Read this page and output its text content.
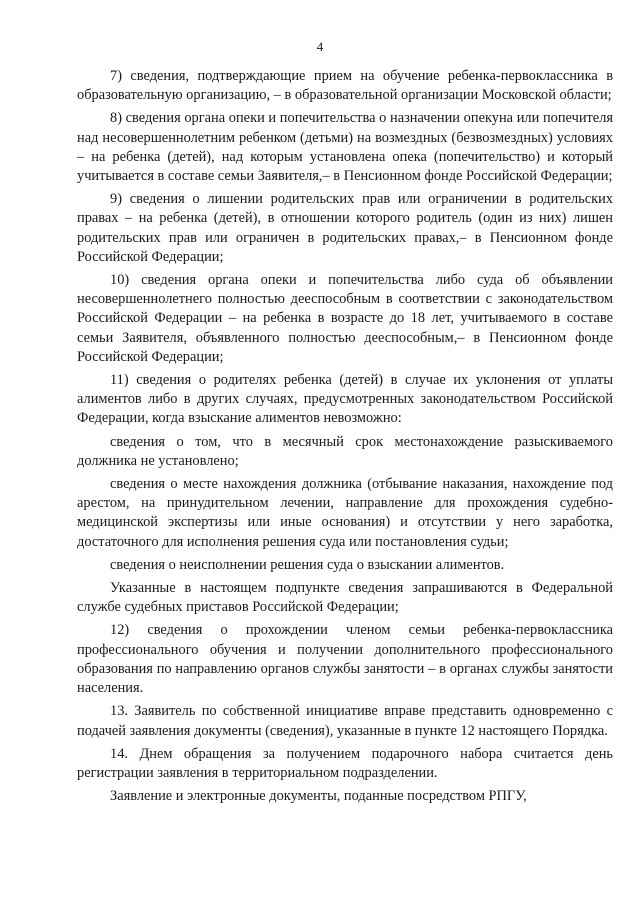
4

7) сведения, подтверждающие прием на обучение ребенка-первоклассника в образовательную организацию, – в образовательной организации Московской области;

8) сведения органа опеки и попечительства о назначении опекуна или попечителя над несовершеннолетним ребенком (детьми) на возмездных (безвозмездных) условиях – на ребенка (детей), над которым установлена опека (попечительство) и который учитывается в составе семьи Заявителя,– в Пенсионном фонде Российской Федерации;

9) сведения о лишении родительских прав или ограничении в родительских правах – на ребенка (детей), в отношении которого родитель (один из них) лишен родительских прав или ограничен в родительских правах,– в Пенсионном фонде Российской Федерации;

10) сведения органа опеки и попечительства либо суда об объявлении несовершеннолетнего полностью дееспособным в соответствии с законодательством Российской Федерации – на ребенка в возрасте до 18 лет, учитываемого в составе семьи Заявителя, объявленного полностью дееспособным,– в Пенсионном фонде Российской Федерации;

11) сведения о родителях ребенка (детей) в случае их уклонения от уплаты алиментов либо в других случаях, предусмотренных законодательством Российской Федерации, когда взыскание алиментов невозможно:

сведения о том, что в месячный срок местонахождение разыскиваемого должника не установлено;

сведения о месте нахождения должника (отбывание наказания, нахождение под арестом, на принудительном лечении, направление для прохождения судебно-медицинской экспертизы или иные основания) и отсутствии у него заработка, достаточного для исполнения решения суда или постановления судьи;

сведения о неисполнении решения суда о взыскании алиментов.

Указанные в настоящем подпункте сведения запрашиваются в Федеральной службе судебных приставов Российской Федерации;

12) сведения о прохождении членом семьи ребенка-первоклассника профессионального обучения и получении дополнительного профессионального образования по направлению органов службы занятости – в органах службы занятости населения.

13. Заявитель по собственной инициативе вправе представить одновременно с подачей заявления документы (сведения), указанные в пункте 12 настоящего Порядка.

14. Днем обращения за получением подарочного набора считается день регистрации заявления в территориальном подразделении.

Заявление и электронные документы, поданные посредством РПГУ,
